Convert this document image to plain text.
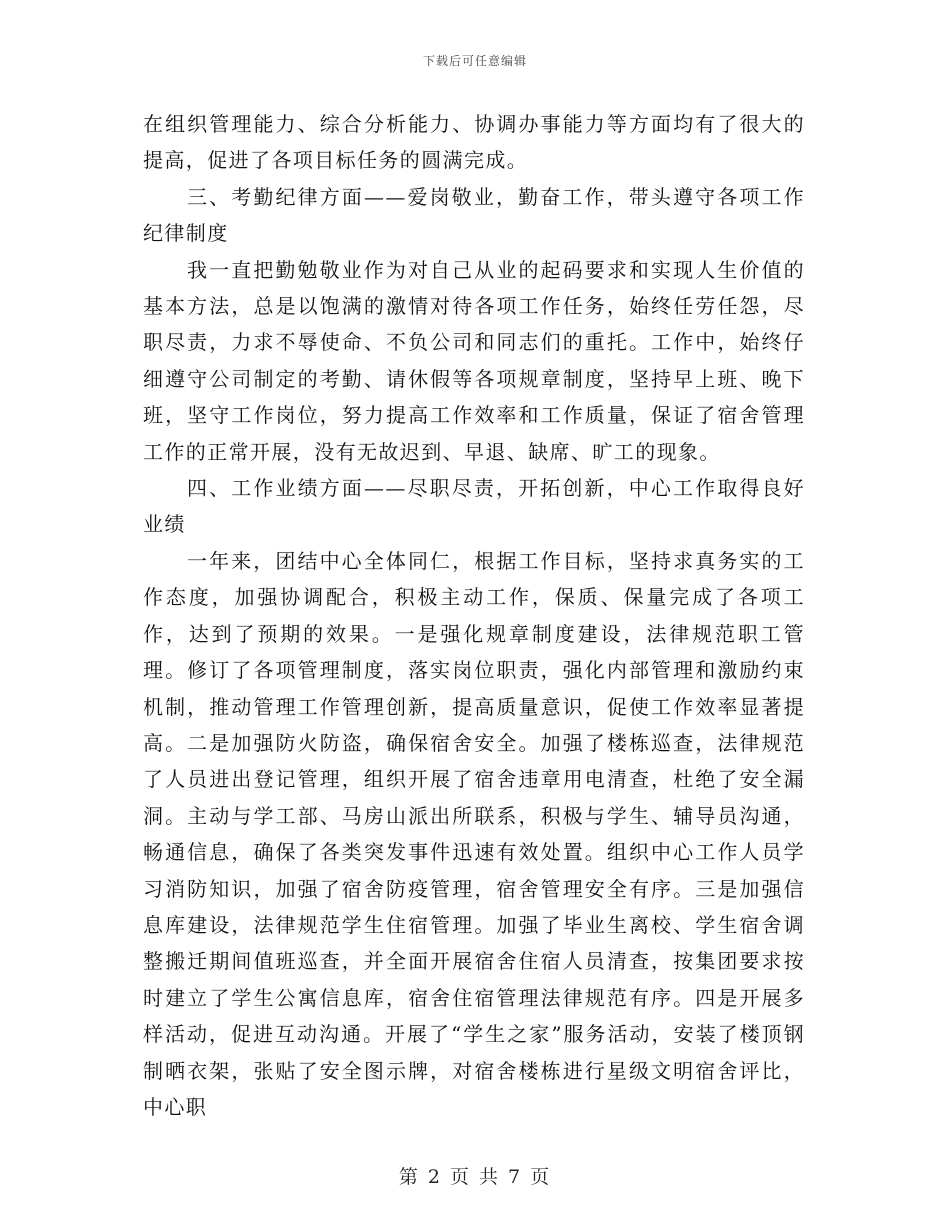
下载后可任意编辑

在组织管理能力、综合分析能力、协调办事能力等方面均有了很大的提高，促进了各项目标任务的圆满完成。

三、考勤纪律方面——爱岗敬业，勤奋工作，带头遵守各项工作纪律制度

我一直把勤勉敬业作为对自己从业的起码要求和实现人生价值的基本方法，总是以饱满的激情对待各项工作任务，始终任劳任怨，尽职尽责，力求不辱使命、不负公司和同志们的重托。工作中，始终仔细遵守公司制定的考勤、请休假等各项规章制度，坚持早上班、晚下班，坚守工作岗位，努力提高工作效率和工作质量，保证了宿舍管理工作的正常开展，没有无故迟到、早退、缺席、旷工的现象。

四、工作业绩方面——尽职尽责，开拓创新，中心工作取得良好业绩

一年来，团结中心全体同仁，根据工作目标，坚持求真务实的工作态度，加强协调配合，积极主动工作，保质、保量完成了各项工作，达到了预期的效果。一是强化规章制度建设，法律规范职工管理。修订了各项管理制度，落实岗位职责，强化内部管理和激励约束机制，推动管理工作管理创新，提高质量意识，促使工作效率显著提高。二是加强防火防盗，确保宿舍安全。加强了楼栋巡查，法律规范了人员进出登记管理，组织开展了宿舍违章用电清查，杜绝了安全漏洞。主动与学工部、马房山派出所联系，积极与学生、辅导员沟通，畅通信息，确保了各类突发事件迅速有效处置。组织中心工作人员学习消防知识，加强了宿舍防疫管理，宿舍管理安全有序。三是加强信息库建设，法律规范学生住宿管理。加强了毕业生离校、学生宿舍调整搬迁期间值班巡查，并全面开展宿舍住宿人员清查，按集团要求按时建立了学生公寓信息库，宿舍住宿管理法律规范有序。四是开展多样活动，促进互动沟通。开展了“学生之家”服务活动，安装了楼顶钢制晒衣架，张贴了安全图示牌，对宿舍楼栋进行星级文明宿舍评比，中心职

第 2 页 共 7 页
